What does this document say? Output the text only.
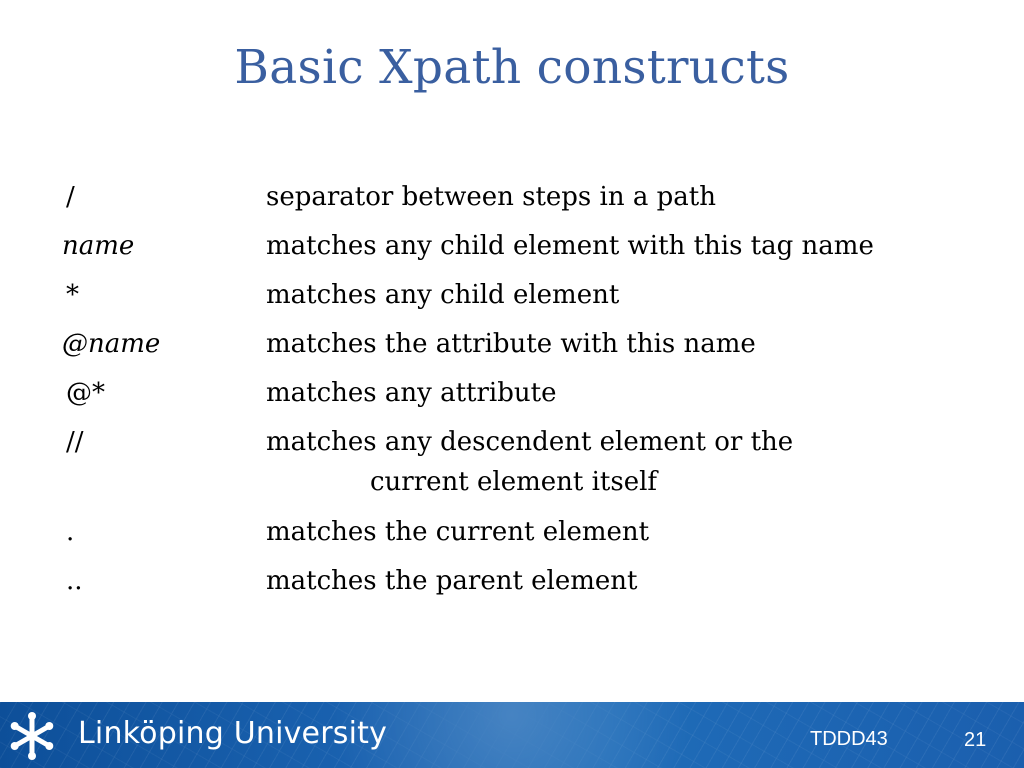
Basic Xpath constructs
/	separator between steps in a path
name	matches any child element with this tag name
*	matches any child element
@name	matches the attribute with this name
@*	matches any attribute
//	matches any descendent element or the
current element itself
.	matches the current element
..	matches the parent element
Linköping University	TDDD43	21
